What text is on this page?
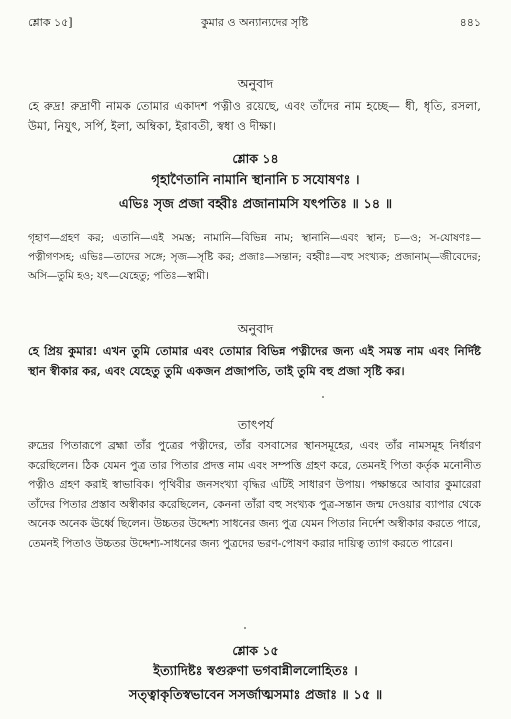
শ্লোক ১৫]	কুমার ও অন্যান্যদের সৃষ্টি	৪৪১
অনুবাদ
হে রুদ্র! রুদ্রাণী নামক তোমার একাদশ পত্নীও রয়েছে, এবং তাঁদের নাম হচ্ছে— ধী, ধৃতি, রসলা, উমা, নিযুৎ, সর্পি, ইলা, অম্বিকা, ইরাবতী, স্বধা ও দীক্ষা।
শ্লোক ১৪
গৃহাণৈতানি নামানি স্থানানি চ সযোষণঃ ।
এভিঃ সৃজ প্রজা বহ্বীঃ প্রজানামসি যৎপতিঃ ॥ ১৪ ॥
গৃহাণ—গ্রহণ কর; এতানি—এই সমস্ত; নামানি—বিভিন্ন নাম; স্থানানি—এবং স্থান; চ—ও; স-যোষণঃ—পত্নীগণসহ; এভিঃ—তাদের সঙ্গে; সৃজ—সৃষ্টি কর; প্রজাঃ—সন্তান; বহ্বীঃ—বহু সংখ্যক; প্রজানাম্—জীবেদের; অসি—তুমি হও; যৎ—যেহেতু; পতিঃ—স্বামী।
অনুবাদ
হে প্রিয় কুমার! এখন তুমি তোমার এবং তোমার বিভিন্ন পত্নীদের জন্য এই সমস্ত নাম এবং নির্দিষ্ট স্থান স্বীকার কর, এবং যেহেতু তুমি একজন প্রজাপতি, তাই তুমি বহু প্রজা সৃষ্টি কর।
তাৎপর্য
রুদ্রের পিতারূপে ব্রহ্মা তাঁর পুত্রের পত্নীদের, তাঁর বসবাসের স্থানসমূহের, এবং তাঁর নামসমূহ নির্ধারণ করেছিলেন। ঠিক যেমন পুত্র তার পিতার প্রদত্ত নাম এবং সম্পত্তি গ্রহণ করে, তেমনই পিতা কর্তৃক মনোনীত পত্নীও গ্রহণ করাই স্বাভাবিক। পৃথিবীর জনসংখ্যা বৃদ্ধির এটিই সাধারণ উপায়। পক্ষান্তরে আবার কুমারেরা তাঁদের পিতার প্রস্তাব অস্বীকার করেছিলেন, কেননা তাঁরা বহু সংখ্যক পুত্র-সন্তান জন্ম দেওয়ার ব্যাপার থেকে অনেক অনেক ঊর্ধ্বে ছিলেন। উচ্চতর উদ্দেশ্য সাধনের জন্য পুত্র যেমন পিতার নির্দেশ অস্বীকার করতে পারে, তেমনই পিতাও উচ্চতর উদ্দেশ্য-সাধনের জন্য পুত্রদের ভরণ-পোষণ করার দায়িত্ব ত্যাগ করতে পারেন।
শ্লোক ১৫
ইত্যাদিষ্টঃ স্বগুরুণা ভগবান্নীললোহিতঃ ।
সত্ত্বাকৃতিস্বভাবেন সসর্জাত্মসমাঃ প্রজাঃ ॥ ১৫ ॥
